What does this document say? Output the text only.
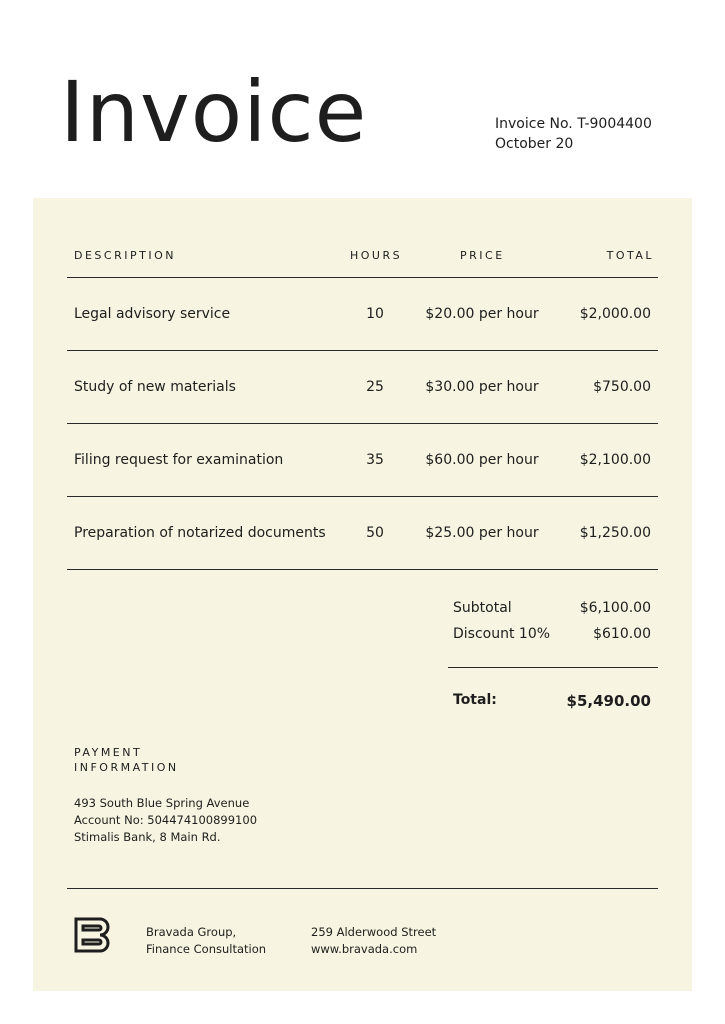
Invoice	Invoice No. T-9004400
October 20
DESCRIPTION	HOURS	PRICE	TOTAL
Legal advisory service	10	$20.00 per hour	$2,000.00
Study of new materials	25	$30.00 per hour	$750.00
Filing request for examination	35	$60.00 per hour	$2,100.00
Preparation of notarized documents	50	$25.00 per hour	$1,250.00
Subtotal	$6,100.00
Discount 10%	$610.00
Total:	$5,490.00
PAYMENT
INFORMATION
493 South Blue Spring Avenue
Account No: 504474100899100
Stimalis Bank, 8 Main Rd.
Bravada Group,
Finance Consultation
259 Alderwood Street
www.bravada.com
